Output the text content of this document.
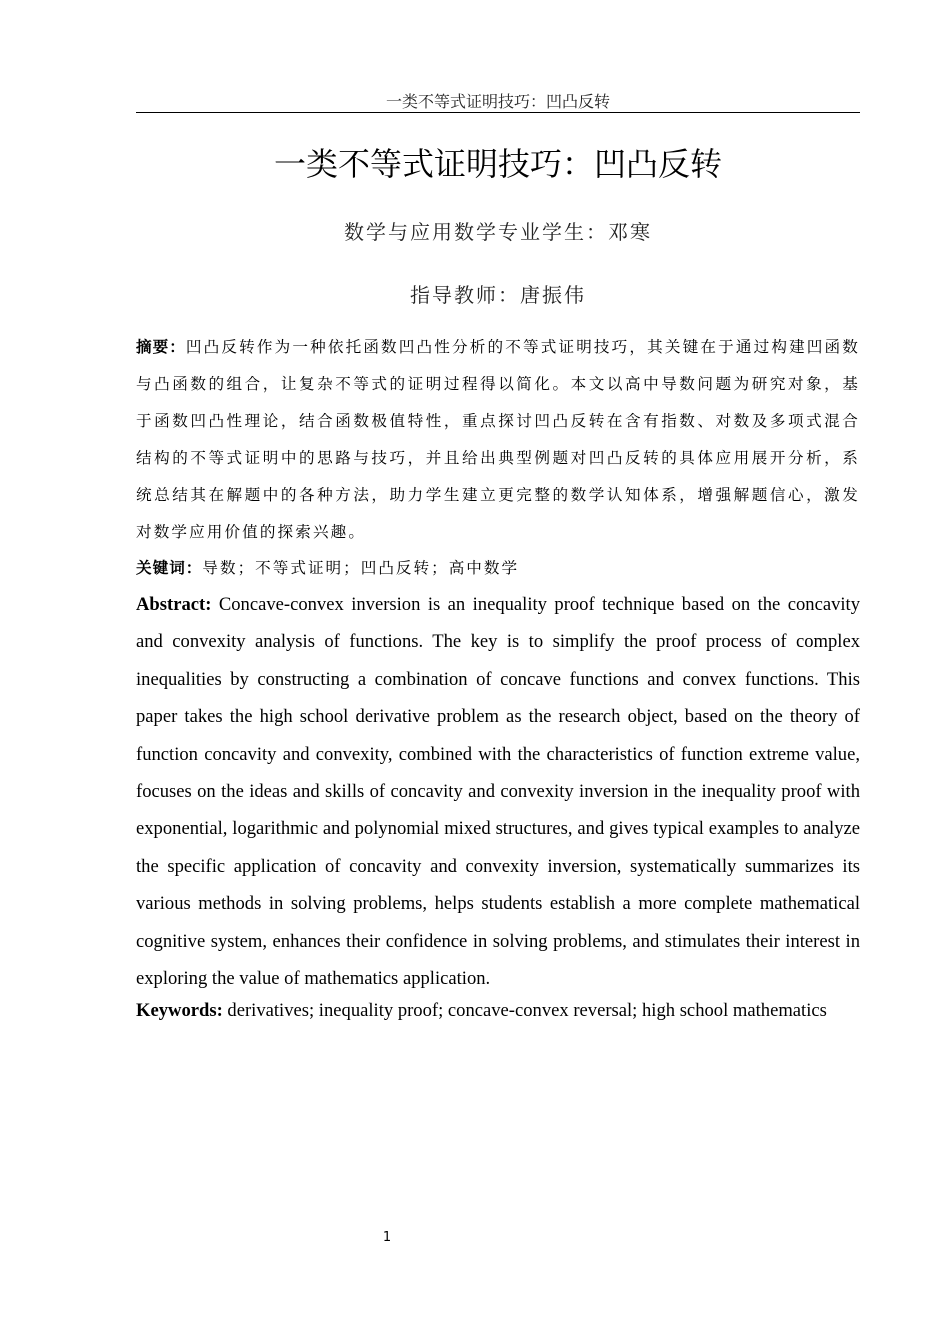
一类不等式证明技巧：凹凸反转
一类不等式证明技巧：凹凸反转
数学与应用数学专业学生：邓寒
指导教师：唐振伟

摘要：凹凸反转作为一种依托函数凹凸性分析的不等式证明技巧，其关键在于通过构建凹函数与凸函数的组合，让复杂不等式的证明过程得以简化。本文以高中导数问题为研究对象，基于函数凹凸性理论，结合函数极值特性，重点探讨凹凸反转在含有指数、对数及多项式混合结构的不等式证明中的思路与技巧，并且给出典型例题对凹凸反转的具体应用展开分析，系统总结其在解题中的各种方法，助力学生建立更完整的数学认知体系，增强解题信心，激发对数学应用价值的探索兴趣。

关键词：导数；不等式证明；凹凸反转；高中数学

Abstract: Concave-convex inversion is an inequality proof technique based on the concavity and convexity analysis of functions. The key is to simplify the proof process of complex inequalities by constructing a combination of concave functions and convex functions. This paper takes the high school derivative problem as the research object, based on the theory of function concavity and convexity, combined with the characteristics of function extreme value, focuses on the ideas and skills of concavity and convexity inversion in the inequality proof with exponential, logarithmic and polynomial mixed structures, and gives typical examples to analyze the specific application of concavity and convexity inversion, systematically summarizes its various methods in solving problems, helps students establish a more complete mathematical cognitive system, enhances their confidence in solving problems, and stimulates their interest in exploring the value of mathematics application.

Keywords: derivatives; inequality proof; concave-convex reversal; high school mathematics

1
